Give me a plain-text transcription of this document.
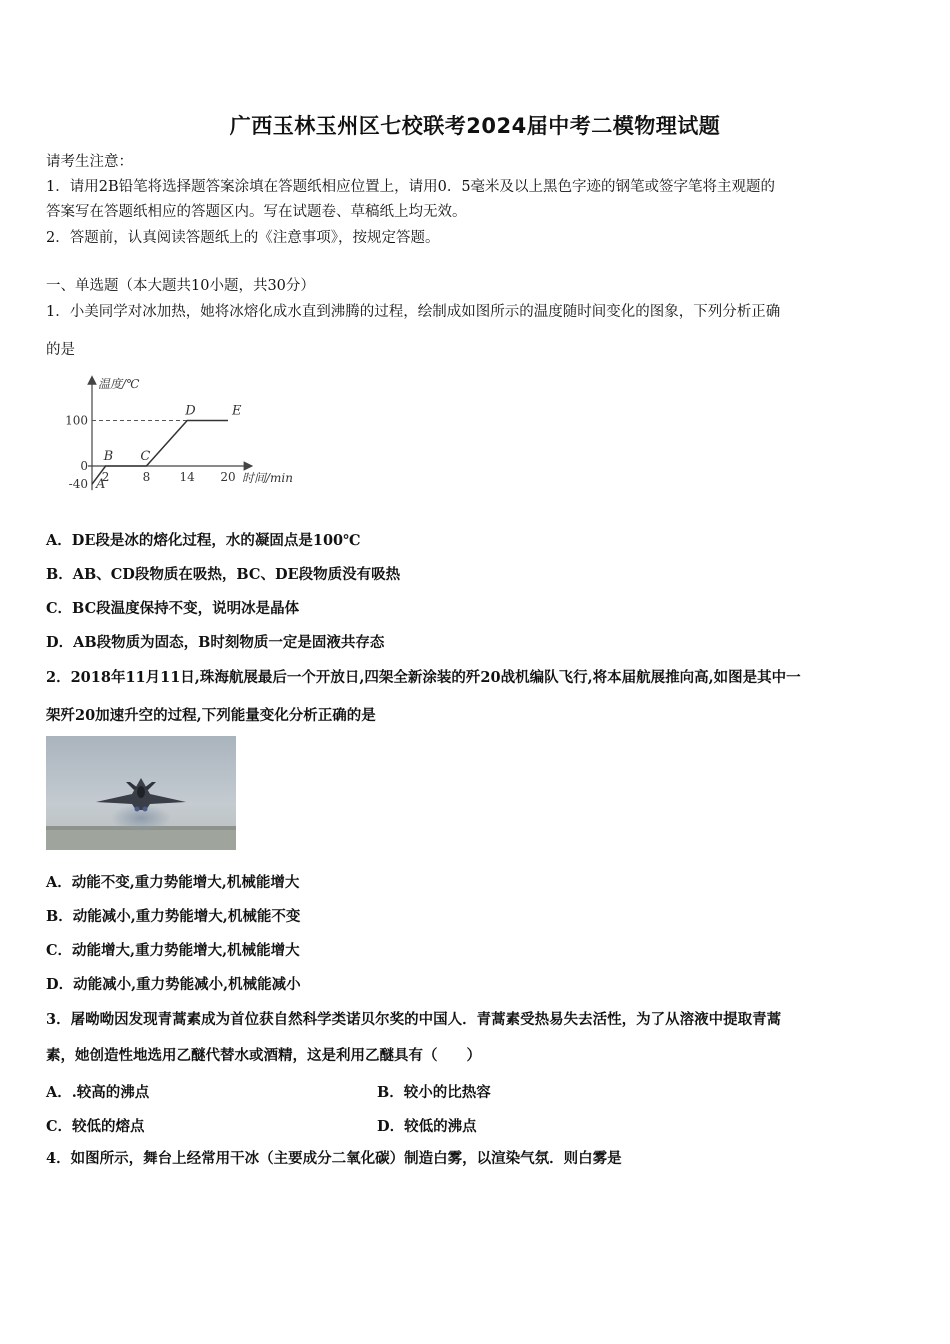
广西玉林玉州区七校联考2024届中考二模物理试题
请考生注意：
1．请用2B铅笔将选择题答案涂填在答题纸相应位置上，请用0．5毫米及以上黑色字迹的钢笔或签字笔将主观题的
答案写在答题纸相应的答题区内。写在试题卷、草稿纸上均无效。
2．答题前，认真阅读答题纸上的《注意事项》，按规定答题。
一、单选题（本大题共10小题，共30分）
1．小美同学对冰加热，她将冰熔化成水直到沸腾的过程，绘制成如图所示的温度随时间变化的图象，下列分析正确
的是
温度/℃
时间/min
100
0
-40
2	8 14 20
A
B C
D	E
A．DE段是冰的熔化过程，水的凝固点是100℃
B．AB、CD段物质在吸热，BC、DE段物质没有吸热
C．BC段温度保持不变，说明冰是晶体
D．AB段物质为固态，B时刻物质一定是固液共存态
2．2018年11月11日,珠海航展最后一个开放日,四架全新涂装的歼20战机编队飞行,将本届航展推向高,如图是其中一
架歼20加速升空的过程,下列能量变化分析正确的是
A．动能不变,重力势能增大,机械能增大
B．动能减小,重力势能增大,机械能不变
C．动能增大,重力势能增大,机械能增大
D．动能减小,重力势能减小,机械能减小
3．屠呦呦因发现青蒿素成为首位获自然科学类诺贝尔奖的中国人．青蒿素受热易失去活性，为了从溶液中提取青蒿
素，她创造性地选用乙醚代替水或酒精，这是利用乙醚具有（　　）
A．.较高的沸点	B．较小的比热容
C．较低的熔点	D．较低的沸点
4．如图所示，舞台上经常用干冰（主要成分二氧化碳）制造白雾，以渲染气氛．则白雾是
